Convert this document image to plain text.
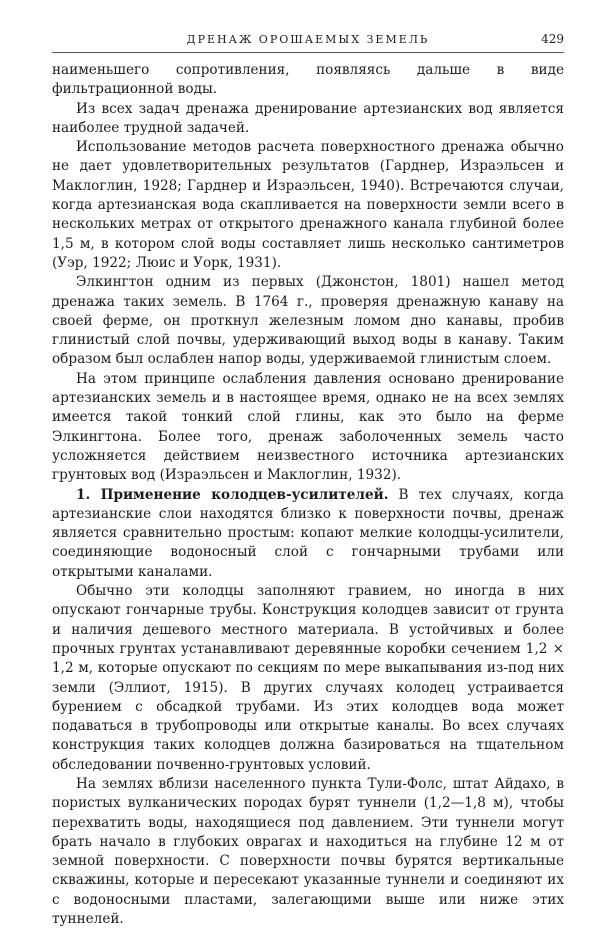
ДРЕНАЖ ОРОШАЕМЫХ ЗЕМЕЛЬ	429

наименьшего сопротивления, появляясь дальше в виде фильтрационной воды.

Из всех задач дренажа дренирование артезианских вод является наиболее трудной задачей.

Использование методов расчета поверхностного дренажа обычно не дает удовлетворительных результатов (Гарднер, Израэльсен и Маклоглин, 1928; Гарднер и Израэльсен, 1940). Встречаются случаи, когда артезианская вода скапливается на поверхности земли всего в нескольких метрах от открытого дренажного канала глубиной более 1,5 м, в котором слой воды составляет лишь несколько сантиметров (Уэр, 1922; Люис и Уорк, 1931).

Элкингтон одним из первых (Джонстон, 1801) нашел метод дренажа таких земель. В 1764 г., проверяя дренажную канаву на своей ферме, он проткнул железным ломом дно канавы, пробив глинистый слой почвы, удерживающий выход воды в канаву. Таким образом был ослаблен напор воды, удерживаемой глинистым слоем.

На этом принципе ослабления давления основано дренирование артезианских земель и в настоящее время, однако не на всех землях имеется такой тонкий слой глины, как это было на ферме Элкингтона. Более того, дренаж заболоченных земель часто усложняется действием неизвестного источника артезианских грунтовых вод (Израэльсен и Маклоглин, 1932).

1. Применение колодцев-усилителей. В тех случаях, когда артезианские слои находятся близко к поверхности почвы, дренаж является сравнительно простым: копают мелкие колодцы-усилители, соединяющие водоносный слой с гончарными трубами или открытыми каналами.

Обычно эти колодцы заполняют гравием, но иногда в них опускают гончарные трубы. Конструкция колодцев зависит от грунта и наличия дешевого местного материала. В устойчивых и более прочных грунтах устанавливают деревянные коробки сечением 1,2 × 1,2 м, которые опускают по секциям по мере выкапывания из-под них земли (Эллиот, 1915). В других случаях колодец устраивается бурением с обсадкой трубами. Из этих колодцев вода может подаваться в трубопроводы или открытые каналы. Во всех случаях конструкция таких колодцев должна базироваться на тщательном обследовании почвенно-грунтовых условий.

На землях вблизи населенного пункта Тули-Фолс, штат Айдахо, в пористых вулканических породах бурят туннели (1,2—1,8 м), чтобы перехватить воды, находящиеся под давлением. Эти туннели могут брать начало в глубоких оврагах и находиться на глубине 12 м от земной поверхности. С поверхности почвы бурятся вертикальные скважины, которые и пересекают указанные туннели и соединяют их с водоносными пластами, залегающими выше или ниже этих туннелей.
